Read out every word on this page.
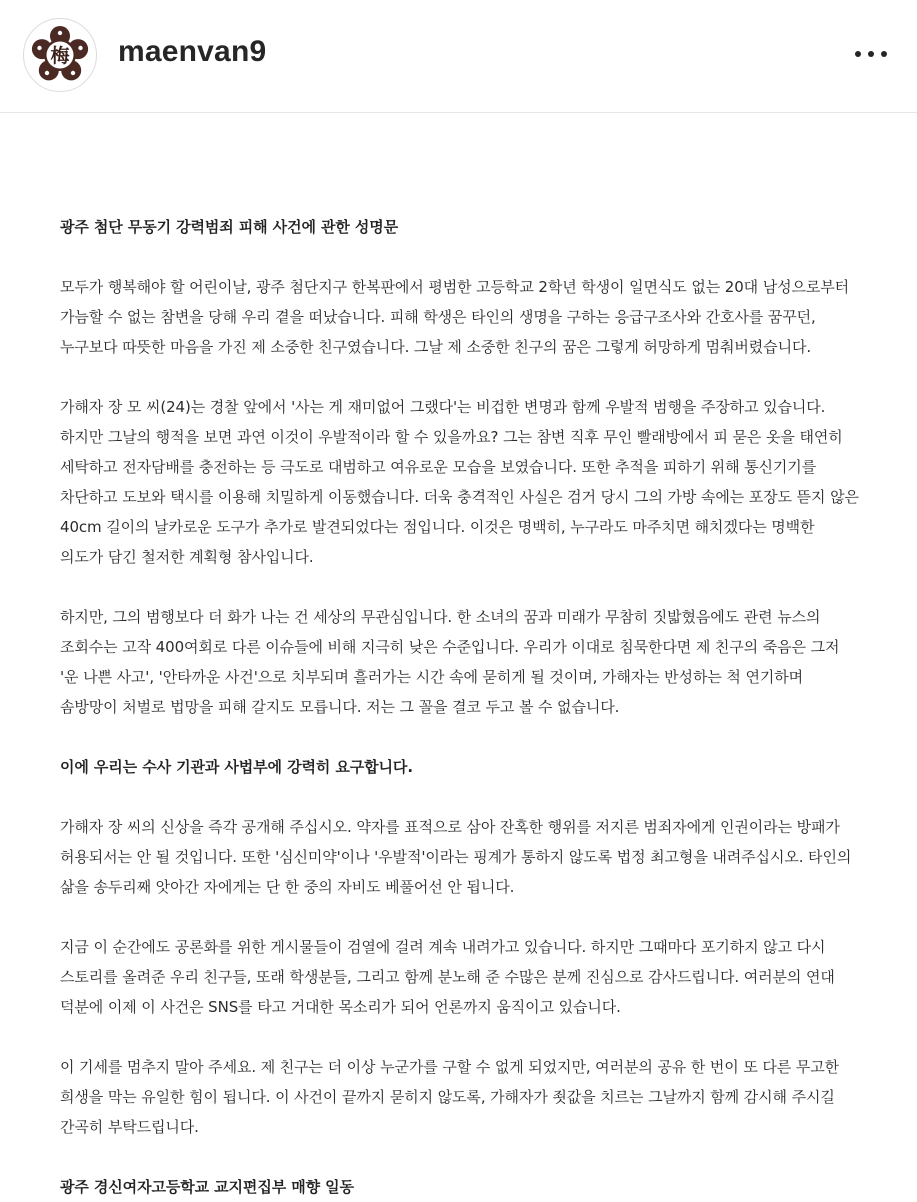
梅 maenvan9

광주 첨단 무동기 강력범죄 피해 사건에 관한 성명문

모두가 행복해야 할 어린이날, 광주 첨단지구 한복판에서 평범한 고등학교 2학년 학생이 일면식도 없는 20대 남성으로부터 가늠할 수 없는 참변을 당해 우리 곁을 떠났습니다. 피해 학생은 타인의 생명을 구하는 응급구조사와 간호사를 꿈꾸던, 누구보다 따뜻한 마음을 가진 제 소중한 친구였습니다. 그날 제 소중한 친구의 꿈은 그렇게 허망하게 멈춰버렸습니다.

가해자 장 모 씨(24)는 경찰 앞에서 '사는 게 재미없어 그랬다'는 비겁한 변명과 함께 우발적 범행을 주장하고 있습니다. 하지만 그날의 행적을 보면 과연 이것이 우발적이라 할 수 있을까요? 그는 참변 직후 무인 빨래방에서 피 묻은 옷을 태연히 세탁하고 전자담배를 충전하는 등 극도로 대범하고 여유로운 모습을 보였습니다. 또한 추적을 피하기 위해 통신기기를 차단하고 도보와 택시를 이용해 치밀하게 이동했습니다. 더욱 충격적인 사실은 검거 당시 그의 가방 속에는 포장도 뜯지 않은 40cm 길이의 날카로운 도구가 추가로 발견되었다는 점입니다. 이것은 명백히, 누구라도 마주치면 해치겠다는 명백한 의도가 담긴 철저한 계획형 참사입니다.

하지만, 그의 범행보다 더 화가 나는 건 세상의 무관심입니다. 한 소녀의 꿈과 미래가 무참히 짓밟혔음에도 관련 뉴스의 조회수는 고작 400여회로 다른 이슈들에 비해 지극히 낮은 수준입니다. 우리가 이대로 침묵한다면 제 친구의 죽음은 그저 '운 나쁜 사고', '안타까운 사건'으로 치부되며 흘러가는 시간 속에 묻히게 될 것이며, 가해자는 반성하는 척 연기하며 솜방망이 처벌로 법망을 피해 갈지도 모릅니다. 저는 그 꼴을 결코 두고 볼 수 없습니다.

이에 우리는 수사 기관과 사법부에 강력히 요구합니다.

가해자 장 씨의 신상을 즉각 공개해 주십시오. 약자를 표적으로 삼아 잔혹한 행위를 저지른 범죄자에게 인권이라는 방패가 허용되서는 안 될 것입니다. 또한 '심신미약'이나 '우발적'이라는 핑계가 통하지 않도록 법정 최고형을 내려주십시오. 타인의 삶을 송두리째 앗아간 자에게는 단 한 중의 자비도 베풀어선 안 됩니다.

지금 이 순간에도 공론화를 위한 게시물들이 검열에 걸려 계속 내려가고 있습니다. 하지만 그때마다 포기하지 않고 다시 스토리를 올려준 우리 친구들, 또래 학생분들, 그리고 함께 분노해 준 수많은 분께 진심으로 감사드립니다. 여러분의 연대 덕분에 이제 이 사건은 SNS를 타고 거대한 목소리가 되어 언론까지 움직이고 있습니다.

이 기세를 멈추지 말아 주세요. 제 친구는 더 이상 누군가를 구할 수 없게 되었지만, 여러분의 공유 한 번이 또 다른 무고한 희생을 막는 유일한 힘이 됩니다. 이 사건이 끝까지 묻히지 않도록, 가해자가 죗값을 치르는 그날까지 함께 감시해 주시길 간곡히 부탁드립니다.

광주 경신여자고등학교 교지편집부 매향 일동
